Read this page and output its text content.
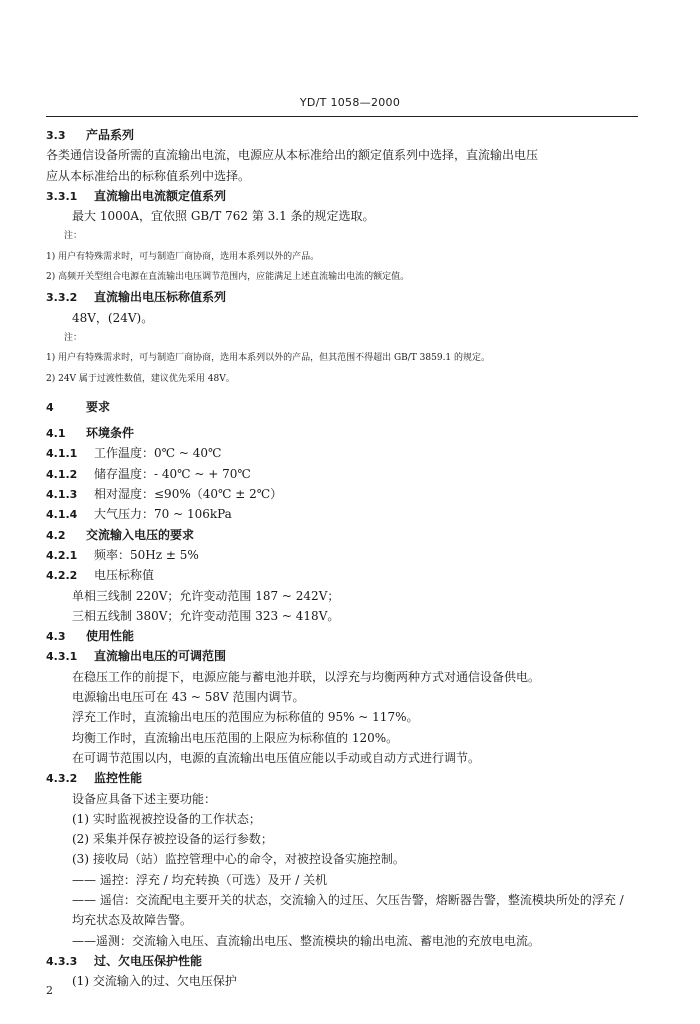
YD/T 1058—2000
3.3 产品系列
各类通信设备所需的直流输出电流，电源应从本标准给出的额定值系列中选择，直流输出电压
应从本标准给出的标称值系列中选择。
3.3.1 直流输出电流额定值系列
最大 1000A，宜依照 GB/T 762 第 3.1 条的规定选取。
注：
1) 用户有特殊需求时，可与制造厂商协商，选用本系列以外的产品。
2) 高频开关型组合电源在直流输出电压调节范围内，应能满足上述直流输出电流的额定值。
3.3.2 直流输出电压标称值系列
48V，(24V)。
注：
1) 用户有特殊需求时，可与制造厂商协商，选用本系列以外的产品，但其范围不得超出 GB/T 3859.1 的规定。
2) 24V 属于过渡性数值，建议优先采用 48V。
4	要求
4.1 环境条件
4.1.1 工作温度：0℃ ~ 40℃
4.1.2 储存温度：- 40℃ ~ + 70℃
4.1.3 相对湿度：≤90%（40℃ ± 2℃）
4.1.4 大气压力：70 ~ 106kPa
4.2 交流输入电压的要求
4.2.1 频率：50Hz ± 5%
4.2.2 电压标称值
单相三线制 220V；允许变动范围 187 ~ 242V；
三相五线制 380V；允许变动范围 323 ~ 418V。
4.3 使用性能
4.3.1 直流输出电压的可调范围
在稳压工作的前提下，电源应能与蓄电池并联，以浮充与均衡两种方式对通信设备供电。
电源输出电压可在 43 ~ 58V 范围内调节。
浮充工作时，直流输出电压的范围应为标称值的 95% ~ 117%。
均衡工作时，直流输出电压范围的上限应为标称值的 120%。
在可调节范围以内，电源的直流输出电压值应能以手动或自动方式进行调节。
4.3.2 监控性能
设备应具备下述主要功能：
(1) 实时监视被控设备的工作状态；
(2) 采集并保存被控设备的运行参数；
(3) 接收局（站）监控管理中心的命令，对被控设备实施控制。
—— 遥控：浮充 / 均充转换（可选）及开 / 关机
—— 遥信：交流配电主要开关的状态，交流输入的过压、欠压告警，熔断器告警，整流模块所处的浮充 / 均充状态及故障告警。
——遥测：交流输入电压、直流输出电压、整流模块的输出电流、蓄电池的充放电电流。
4.3.3 过、欠电压保护性能
(1) 交流输入的过、欠电压保护
2
